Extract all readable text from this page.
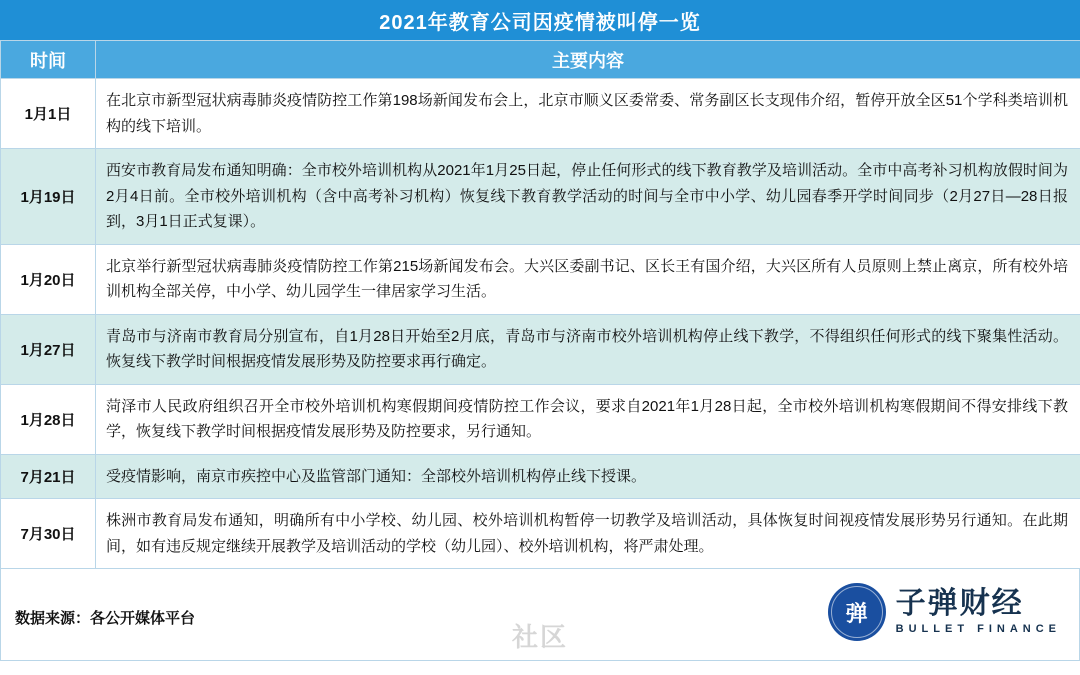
2021年教育公司因疫情被叫停一览
时间	主要内容
1月1日	在北京市新型冠状病毒肺炎疫情防控工作第198场新闻发布会上，北京市顺义区委常委、常务副区长支现伟介绍，暂停开放全区51个学科类培训机构的线下培训。
1月19日	西安市教育局发布通知明确：全市校外培训机构从2021年1月25日起，停止任何形式的线下教育教学及培训活动。全市中高考补习机构放假时间为2月4日前。全市校外培训机构（含中高考补习机构）恢复线下教育教学活动的时间与全市中小学、幼儿园春季开学时间同步（2月27日—28日报到，3月1日正式复课）。
1月20日	北京举行新型冠状病毒肺炎疫情防控工作第215场新闻发布会。大兴区委副书记、区长王有国介绍，大兴区所有人员原则上禁止离京，所有校外培训机构全部关停，中小学、幼儿园学生一律居家学习生活。
1月27日	青岛市与济南市教育局分别宣布，自1月28日开始至2月底，青岛市与济南市校外培训机构停止线下教学，不得组织任何形式的线下聚集性活动。恢复线下教学时间根据疫情发展形势及防控要求再行确定。
1月28日	菏泽市人民政府组织召开全市校外培训机构寒假期间疫情防控工作会议，要求自2021年1月28日起，全市校外培训机构寒假期间不得安排线下教学，恢复线下教学时间根据疫情发展形势及防控要求，另行通知。
7月21日	受疫情影响，南京市疾控中心及监管部门通知：全部校外培训机构停止线下授课。
7月30日	株洲市教育局发布通知，明确所有中小学校、幼儿园、校外培训机构暂停一切教学及培训活动，具体恢复时间视疫情发展形势另行通知。在此期间，如有违反规定继续开展教学及培训活动的学校（幼儿园）、校外培训机构，将严肃处理。
数据来源：各公开媒体平台	弹 子弹财经
BULLET FINANCE
社区
